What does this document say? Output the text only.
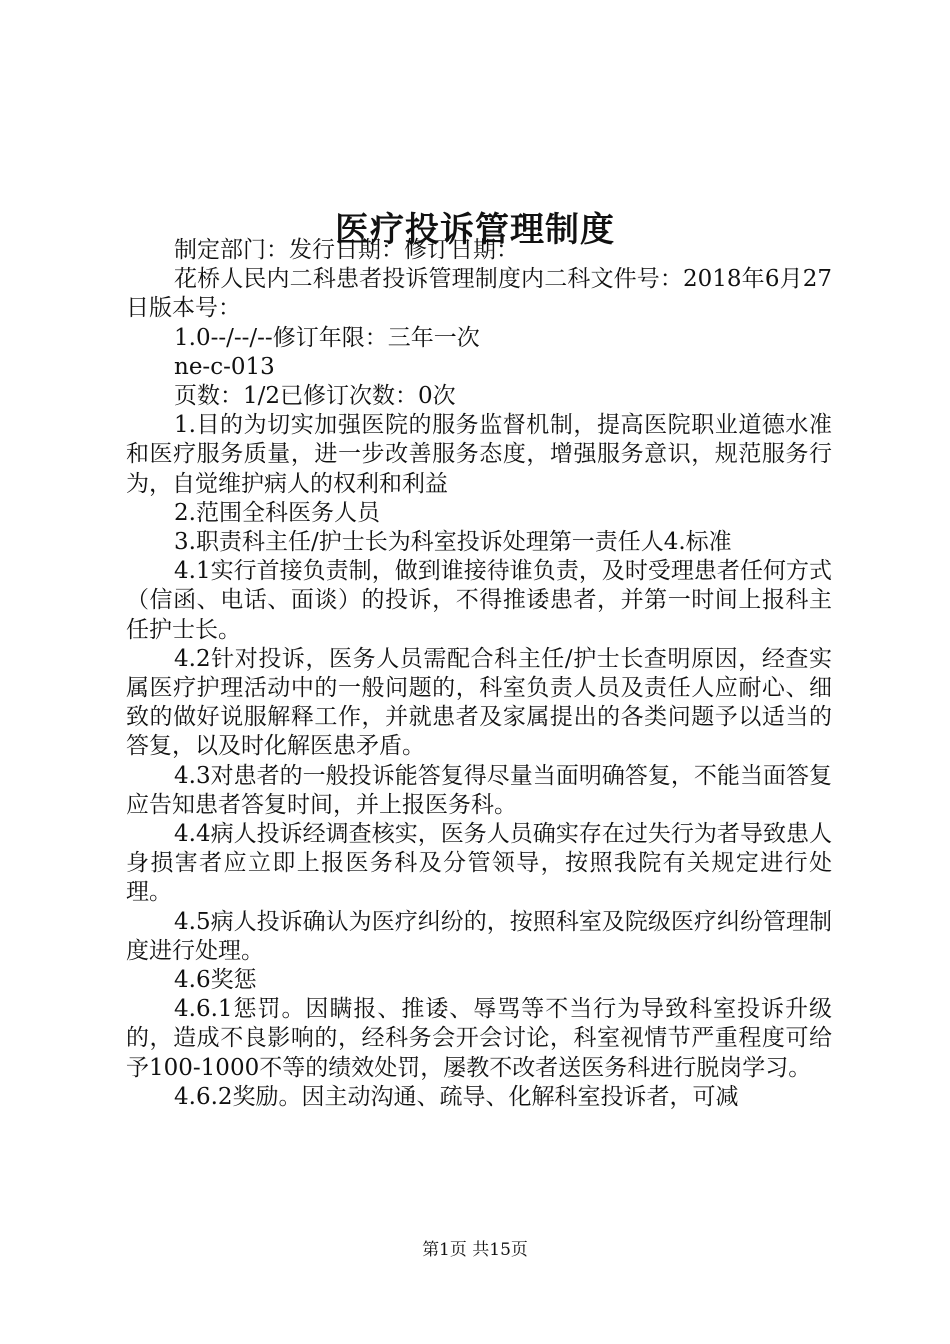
医疗投诉管理制度

制定部门：发行日期：修订日期：

花桥人民内二科患者投诉管理制度内二科文件号：2018年6月27日版本号：

1.0--/--/--修订年限：三年一次

ne-c-013

页数：1/2已修订次数：0次

1.目的为切实加强医院的服务监督机制，提高医院职业道德水准和医疗服务质量，进一步改善服务态度，增强服务意识，规范服务行为，自觉维护病人的权利和利益

2.范围全科医务人员

3.职责科主任/护士长为科室投诉处理第一责任人4.标准

4.1实行首接负责制，做到谁接待谁负责，及时受理患者任何方式（信函、电话、面谈）的投诉，不得推诿患者，并第一时间上报科主任护士长。

4.2针对投诉，医务人员需配合科主任/护士长查明原因，经查实属医疗护理活动中的一般问题的，科室负责人员及责任人应耐心、细致的做好说服解释工作，并就患者及家属提出的各类问题予以适当的答复，以及时化解医患矛盾。

4.3对患者的一般投诉能答复得尽量当面明确答复，不能当面答复应告知患者答复时间，并上报医务科。

4.4病人投诉经调查核实，医务人员确实存在过失行为者导致患人身损害者应立即上报医务科及分管领导，按照我院有关规定进行处理。

4.5病人投诉确认为医疗纠纷的，按照科室及院级医疗纠纷管理制度进行处理。

4.6奖惩

4.6.1惩罚。因瞒报、推诿、辱骂等不当行为导致科室投诉升级的，造成不良影响的，经科务会开会讨论，科室视情节严重程度可给予100-1000不等的绩效处罚，屡教不改者送医务科进行脱岗学习。

4.6.2奖励。因主动沟通、疏导、化解科室投诉者，可减

第1页 共15页
